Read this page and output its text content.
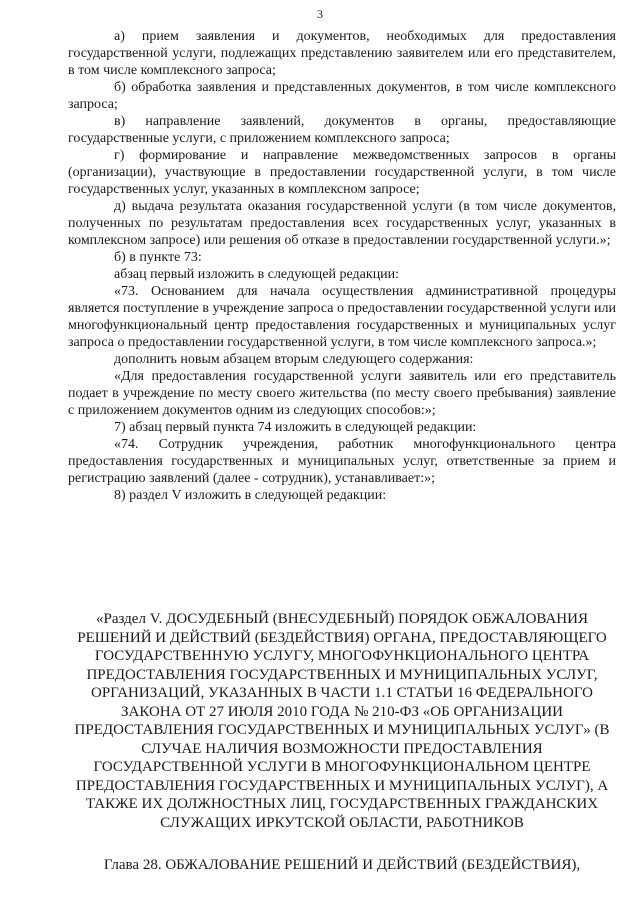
3

а) прием заявления и документов, необходимых для предоставления государственной услуги, подлежащих представлению заявителем или его представителем, в том числе комплексного запроса;

б) обработка заявления и представленных документов, в том числе комплексного запроса;

в) направление заявлений, документов в органы, предоставляющие государственные услуги, с приложением комплексного запроса;

г) формирование и направление межведомственных запросов в органы (организации), участвующие в предоставлении государственной услуги, в том числе государственных услуг, указанных в комплексном запросе;

д) выдача результата оказания государственной услуги (в том числе документов, полученных по результатам предоставления всех государственных услуг, указанных в комплексном запросе) или решения об отказе в предоставлении государственной услуги.»;

б) в пункте 73:

абзац первый изложить в следующей редакции:

«73. Основанием для начала осуществления административной процедуры является поступление в учреждение запроса о предоставлении государственной услуги или многофункциональный центр предоставления государственных и муниципальных услуг запроса о предоставлении государственной услуги, в том числе комплексного запроса.»;

дополнить новым абзацем вторым следующего содержания:

«Для предоставления государственной услуги заявитель или его представитель подает в учреждение по месту своего жительства (по месту своего пребывания) заявление с приложением документов одним из следующих способов:»;

7) абзац первый пункта 74 изложить в следующей редакции:

«74. Сотрудник учреждения, работник многофункционального центра предоставления государственных и муниципальных услуг, ответственные за прием и регистрацию заявлений (далее - сотрудник), устанавливает:»;

8) раздел V изложить в следующей редакции:

«Раздел V. ДОСУДЕБНЫЙ (ВНЕСУДЕБНЫЙ) ПОРЯДОК ОБЖАЛОВАНИЯ РЕШЕНИЙ И ДЕЙСТВИЙ (БЕЗДЕЙСТВИЯ) ОРГАНА, ПРЕДОСТАВЛЯЮЩЕГО ГОСУДАРСТВЕННУЮ УСЛУГУ, МНОГОФУНКЦИОНАЛЬНОГО ЦЕНТРА ПРЕДОСТАВЛЕНИЯ ГОСУДАРСТВЕННЫХ И МУНИЦИПАЛЬНЫХ УСЛУГ, ОРГАНИЗАЦИЙ, УКАЗАННЫХ В ЧАСТИ 1.1 СТАТЬИ 16 ФЕДЕРАЛЬНОГО ЗАКОНА ОТ 27 ИЮЛЯ 2010 ГОДА № 210-ФЗ «ОБ ОРГАНИЗАЦИИ ПРЕДОСТАВЛЕНИЯ ГОСУДАРСТВЕННЫХ И МУНИЦИПАЛЬНЫХ УСЛУГ» (В СЛУЧАЕ НАЛИЧИЯ ВОЗМОЖНОСТИ ПРЕДОСТАВЛЕНИЯ ГОСУДАРСТВЕННОЙ УСЛУГИ В МНОГОФУНКЦИОНАЛЬНОМ ЦЕНТРЕ ПРЕДОСТАВЛЕНИЯ ГОСУДАРСТВЕННЫХ И МУНИЦИПАЛЬНЫХ УСЛУГ), А ТАКЖЕ ИХ ДОЛЖНОСТНЫХ ЛИЦ, ГОСУДАРСТВЕННЫХ ГРАЖДАНСКИХ СЛУЖАЩИХ ИРКУТСКОЙ ОБЛАСТИ, РАБОТНИКОВ

Глава 28. ОБЖАЛОВАНИЕ РЕШЕНИЙ И ДЕЙСТВИЙ (БЕЗДЕЙСТВИЯ),
